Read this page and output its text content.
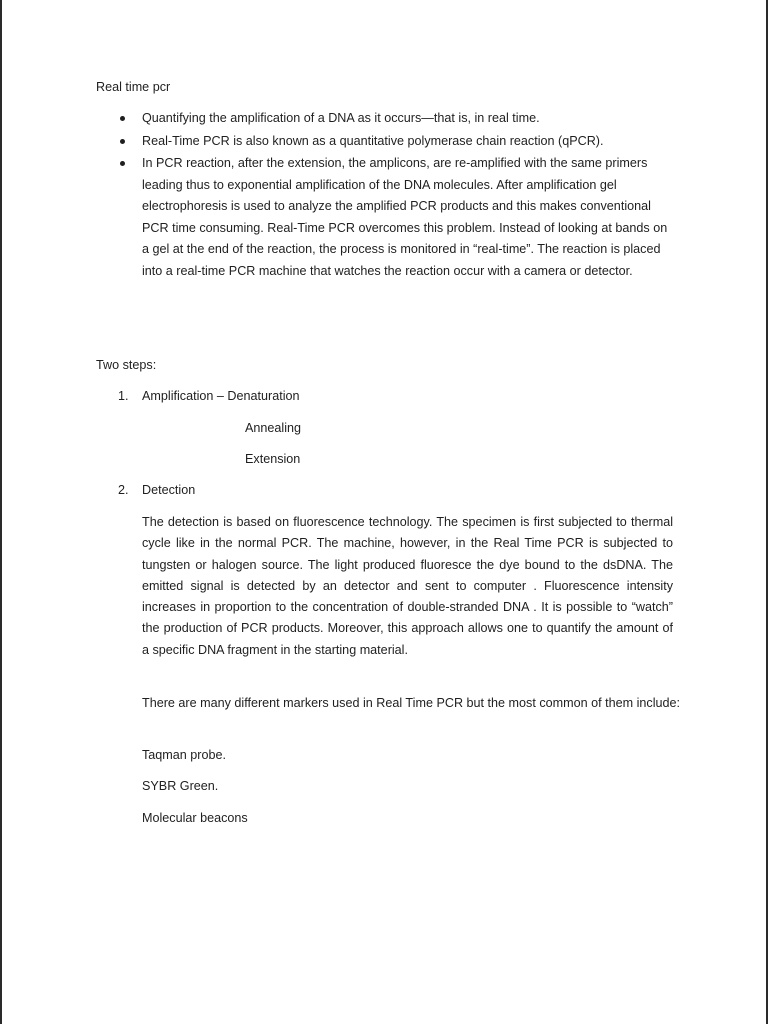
Real time pcr
Quantifying the amplification of a DNA as it occurs—that is, in real time.
Real-Time PCR is also known as a quantitative polymerase chain reaction (qPCR).
In PCR reaction, after the extension, the amplicons, are re-amplified with the same primers leading thus to exponential amplification of the DNA molecules. After amplification gel electrophoresis is used to analyze the amplified PCR products and this makes conventional PCR time consuming. Real-Time PCR overcomes this problem. Instead of looking at bands on a gel at the end of the reaction, the process is monitored in “real-time”. The reaction is placed into a real-time PCR machine that watches the reaction occur with a camera or detector.
Two steps:
1. Amplification – Denaturation
Annealing
Extension
2. Detection

The detection is based on fluorescence technology. The specimen is first subjected to thermal cycle like in the normal PCR. The machine, however, in the Real Time PCR is subjected to tungsten or halogen source. The light produced fluoresce the dye bound to the dsDNA. The emitted signal is detected by an detector and sent to computer . Fluorescence intensity increases in proportion to the concentration of double-stranded DNA . It is possible to “watch” the production of PCR products. Moreover, this approach allows one to quantify the amount of a specific DNA fragment in the starting material.

There are many different markers used in Real Time PCR but the most common of them include:

Taqman probe.
SYBR Green.
Molecular beacons
